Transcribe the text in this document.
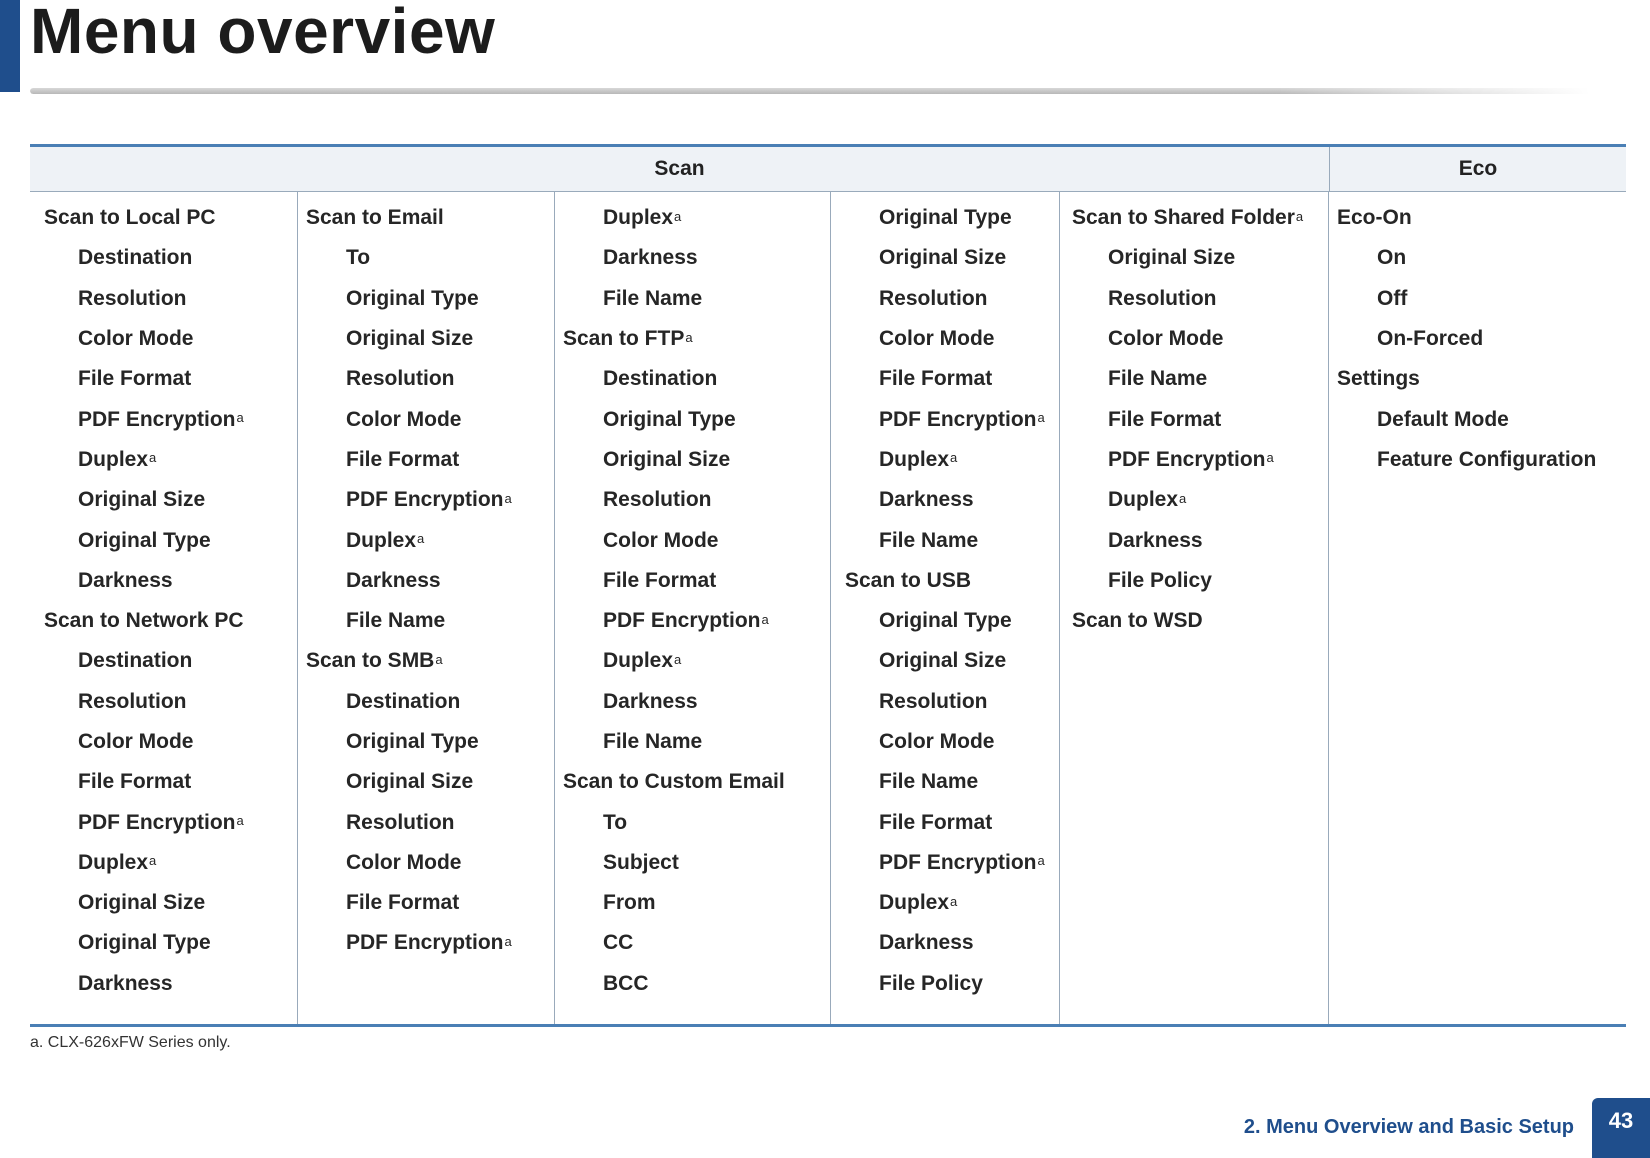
Menu overview
Scan	Eco
Scan to Local PC
Destination
Resolution
Color Mode
File Format
PDF Encryption$^a$
Duplex$^a$
Original Size
Original Type
Darkness
Scan to Network PC
Destination
Resolution
Color Mode
File Format
PDF Encryption$^a$
Duplex$^a$
Original Size
Original Type
Darkness
Scan to Email
To
Original Type
Original Size
Resolution
Color Mode
File Format
PDF Encryption$^a$
Duplex$^a$
Darkness
File Name
Scan to SMB$^a$
Destination
Original Type
Original Size
Resolution
Color Mode
File Format
PDF Encryption$^a$
Duplex$^a$
Darkness
File Name
Scan to FTP$^a$
Destination
Original Type
Original Size
Resolution
Color Mode
File Format
PDF Encryption$^a$
Duplex$^a$
Darkness
File Name
Scan to Custom Email
To
Subject
From
CC
BCC
Original Type
Original Size
Resolution
Color Mode
File Format
PDF Encryption$^a$
Duplex$^a$
Darkness
File Name
Scan to USB
Original Type
Original Size
Resolution
Color Mode
File Name
File Format
PDF Encryption$^a$
Duplex$^a$
Darkness
File Policy
Scan to Shared Folder$^a$
Original Size
Resolution
Color Mode
File Name
File Format
PDF Encryption$^a$
Duplex$^a$
Darkness
File Policy
Scan to WSD
Eco-On
On
Off
On-Forced
Settings
Default Mode
Feature Configuration
a. CLX-626xFW Series only.
2. Menu Overview and Basic Setup	43
